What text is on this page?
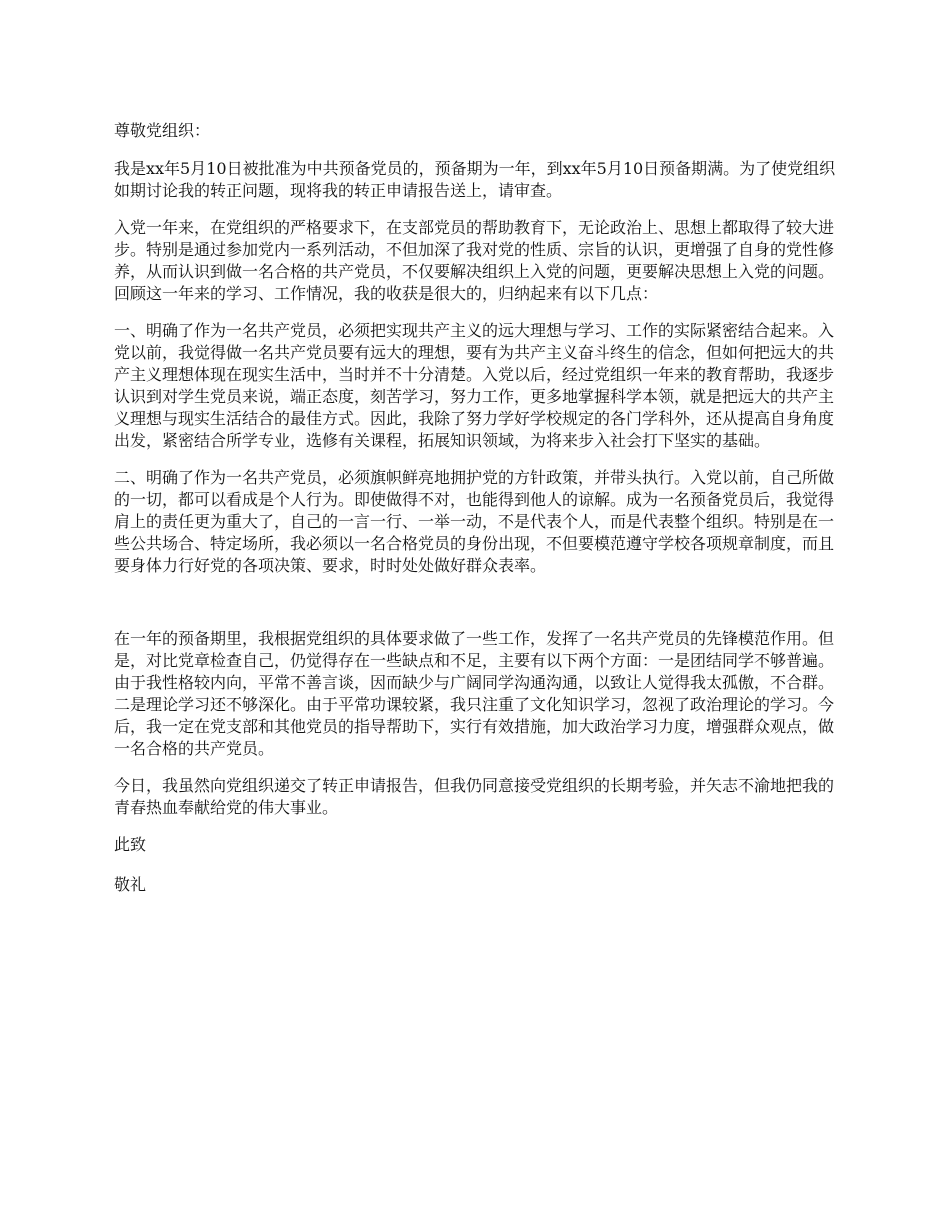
尊敬党组织：

我是xx年5月10日被批准为中共预备党员的，预备期为一年，到xx年5月10日预备期满。为了使党组织如期讨论我的转正问题，现将我的转正申请报告送上，请审查。

入党一年来，在党组织的严格要求下，在支部党员的帮助教育下，无论政治上、思想上都取得了较大进步。特别是通过参加党内一系列活动，不但加深了我对党的性质、宗旨的认识，更增强了自身的党性修养，从而认识到做一名合格的共产党员，不仅要解决组织上入党的问题，更要解决思想上入党的问题。回顾这一年来的学习、工作情况，我的收获是很大的，归纳起来有以下几点：

一、明确了作为一名共产党员，必须把实现共产主义的远大理想与学习、工作的实际紧密结合起来。入党以前，我觉得做一名共产党员要有远大的理想，要有为共产主义奋斗终生的信念，但如何把远大的共产主义理想体现在现实生活中，当时并不十分清楚。入党以后，经过党组织一年来的教育帮助，我逐步认识到对学生党员来说，端正态度，刻苦学习，努力工作，更多地掌握科学本领，就是把远大的共产主义理想与现实生活结合的最佳方式。因此，我除了努力学好学校规定的各门学科外，还从提高自身角度出发，紧密结合所学专业，选修有关课程，拓展知识领域，为将来步入社会打下坚实的基础。

二、明确了作为一名共产党员，必须旗帜鲜亮地拥护党的方针政策，并带头执行。入党以前，自己所做的一切，都可以看成是个人行为。即使做得不对，也能得到他人的谅解。成为一名预备党员后，我觉得肩上的责任更为重大了，自己的一言一行、一举一动，不是代表个人，而是代表整个组织。特别是在一些公共场合、特定场所，我必须以一名合格党员的身份出现，不但要模范遵守学校各项规章制度，而且要身体力行好党的各项决策、要求，时时处处做好群众表率。

在一年的预备期里，我根据党组织的具体要求做了一些工作，发挥了一名共产党员的先锋模范作用。但是，对比党章检查自己，仍觉得存在一些缺点和不足，主要有以下两个方面：一是团结同学不够普遍。由于我性格较内向，平常不善言谈，因而缺少与广阔同学沟通沟通，以致让人觉得我太孤傲，不合群。二是理论学习还不够深化。由于平常功课较紧，我只注重了文化知识学习，忽视了政治理论的学习。今后，我一定在党支部和其他党员的指导帮助下，实行有效措施，加大政治学习力度，增强群众观点，做一名合格的共产党员。

今日，我虽然向党组织递交了转正申请报告，但我仍同意接受党组织的长期考验，并矢志不渝地把我的青春热血奉献给党的伟大事业。

此致

敬礼
